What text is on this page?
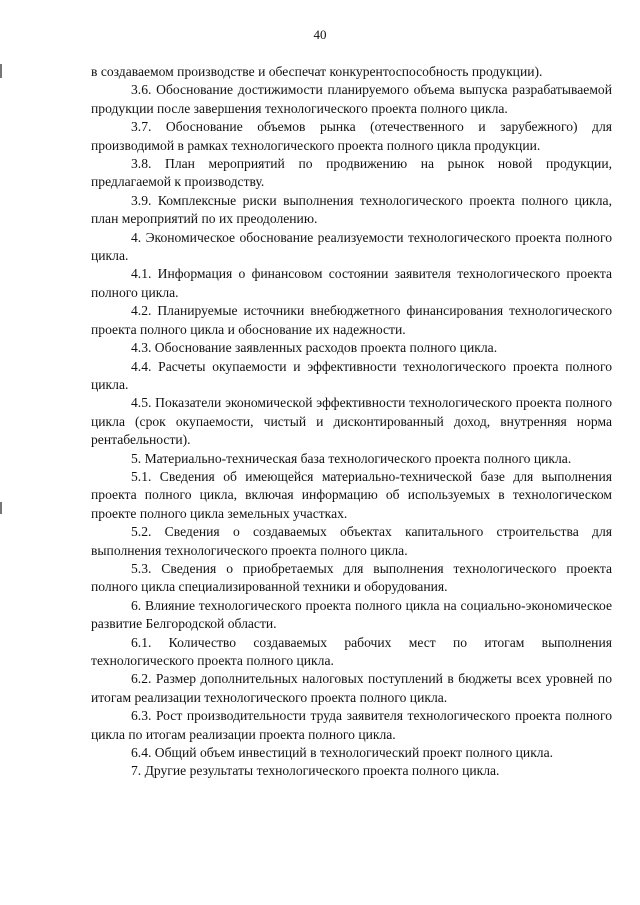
40

в создаваемом производстве и обеспечат конкурентоспособность продукции).

3.6. Обоснование достижимости планируемого объема выпуска разрабатываемой продукции после завершения технологического проекта полного цикла.

3.7. Обоснование объемов рынка (отечественного и зарубежного) для производимой в рамках технологического проекта полного цикла продукции.

3.8. План мероприятий по продвижению на рынок новой продукции, предлагаемой к производству.

3.9. Комплексные риски выполнения технологического проекта полного цикла, план мероприятий по их преодолению.

4. Экономическое обоснование реализуемости технологического проекта полного цикла.

4.1. Информация о финансовом состоянии заявителя технологического проекта полного цикла.

4.2. Планируемые источники внебюджетного финансирования технологического проекта полного цикла и обоснование их надежности.

4.3. Обоснование заявленных расходов проекта полного цикла.

4.4. Расчеты окупаемости и эффективности технологического проекта полного цикла.

4.5. Показатели экономической эффективности технологического проекта полного цикла (срок окупаемости, чистый и дисконтированный доход, внутренняя норма рентабельности).

5. Материально-техническая база технологического проекта полного цикла.

5.1. Сведения об имеющейся материально-технической базе для выполнения проекта полного цикла, включая информацию об используемых в технологическом проекте полного цикла земельных участках.

5.2. Сведения о создаваемых объектах капитального строительства для выполнения технологического проекта полного цикла.

5.3. Сведения о приобретаемых для выполнения технологического проекта полного цикла специализированной техники и оборудования.

6. Влияние технологического проекта полного цикла на социально-экономическое развитие Белгородской области.

6.1. Количество создаваемых рабочих мест по итогам выполнения технологического проекта полного цикла.

6.2. Размер дополнительных налоговых поступлений в бюджеты всех уровней по итогам реализации технологического проекта полного цикла.

6.3. Рост производительности труда заявителя технологического проекта полного цикла по итогам реализации проекта полного цикла.

6.4. Общий объем инвестиций в технологический проект полного цикла.

7. Другие результаты технологического проекта полного цикла.
